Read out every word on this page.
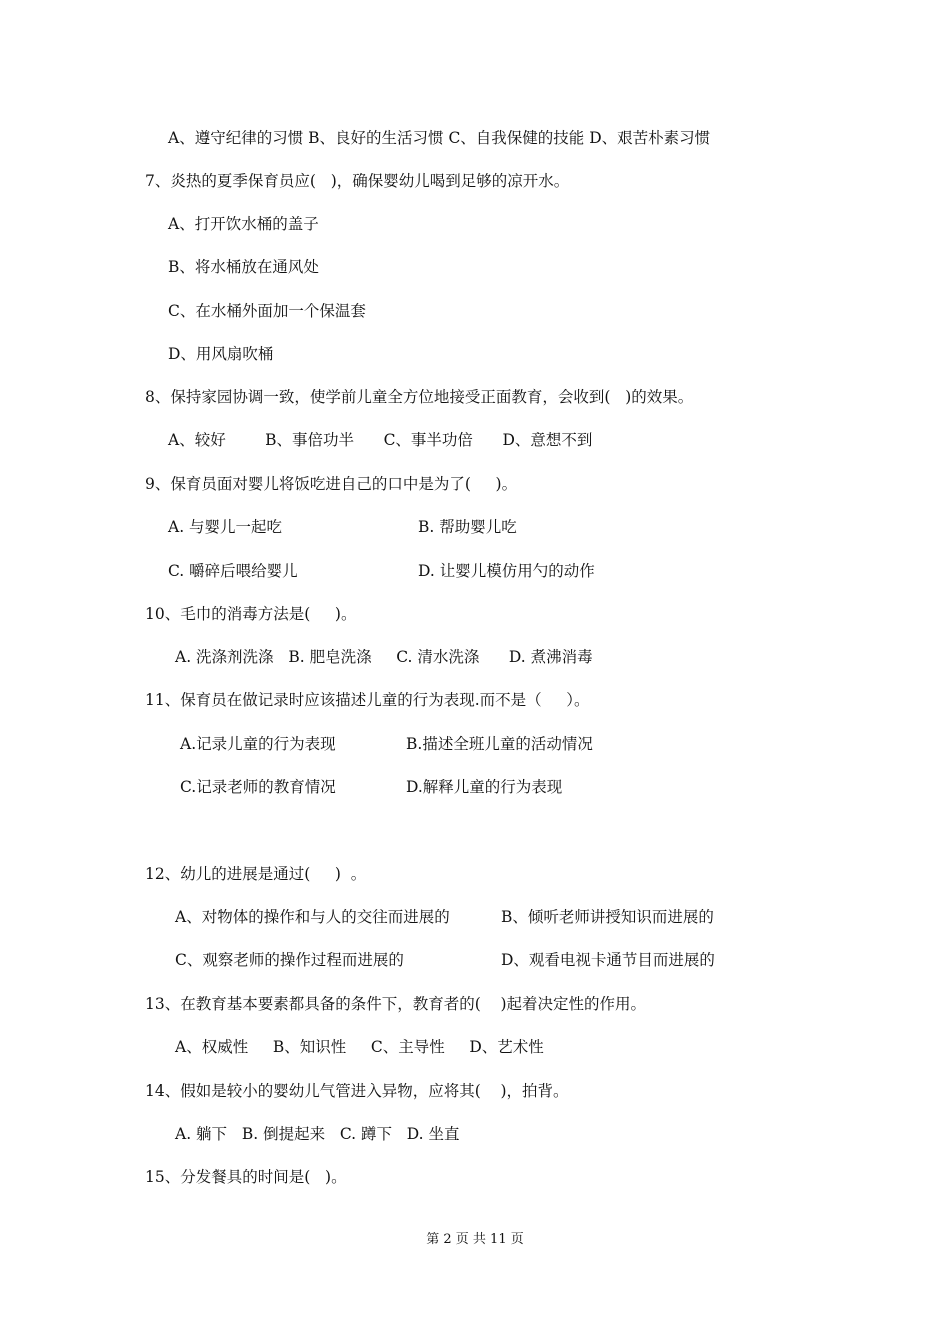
A、遵守纪律的习惯 B、良好的生活习惯 C、自我保健的技能 D、艰苦朴素习惯
7、炎热的夏季保育员应(   )，确保婴幼儿喝到足够的凉开水。
A、打开饮水桶的盖子
B、将水桶放在通风处
C、在水桶外面加一个保温套
D、用风扇吹桶
8、保持家园协调一致，使学前儿童全方位地接受正面教育，会收到(   )的效果。
A、较好        B、事倍功半      C、事半功倍      D、意想不到
9、保育员面对婴儿将饭吃进自己的口中是为了(     )。
A. 与婴儿一起吃	B. 帮助婴儿吃
C. 嚼碎后喂给婴儿	D. 让婴儿模仿用勺的动作
10、毛巾的消毒方法是(     )。
A. 洗涤剂洗涤   B. 肥皂洗涤     C. 清水洗涤      D. 煮沸消毒
11、保育员在做记录时应该描述儿童的行为表现.而不是（     ）。
A.记录儿童的行为表现	B.描述全班儿童的活动情况
C.记录老师的教育情况	D.解释儿童的行为表现
12、幼儿的进展是通过(     )  。
A、对物体的操作和与人的交往而进展的	B、倾听老师讲授知识而进展的
C、观察老师的操作过程而进展的	D、观看电视卡通节目而进展的
13、在教育基本要素都具备的条件下，教育者的(    )起着决定性的作用。
A、权威性     B、知识性     C、主导性     D、艺术性
14、假如是较小的婴幼儿气管进入异物，应将其(    )，拍背。
A. 躺下   B. 倒提起来   C. 蹲下   D. 坐直
15、分发餐具的时间是(   )。
第 2 页 共 11 页
